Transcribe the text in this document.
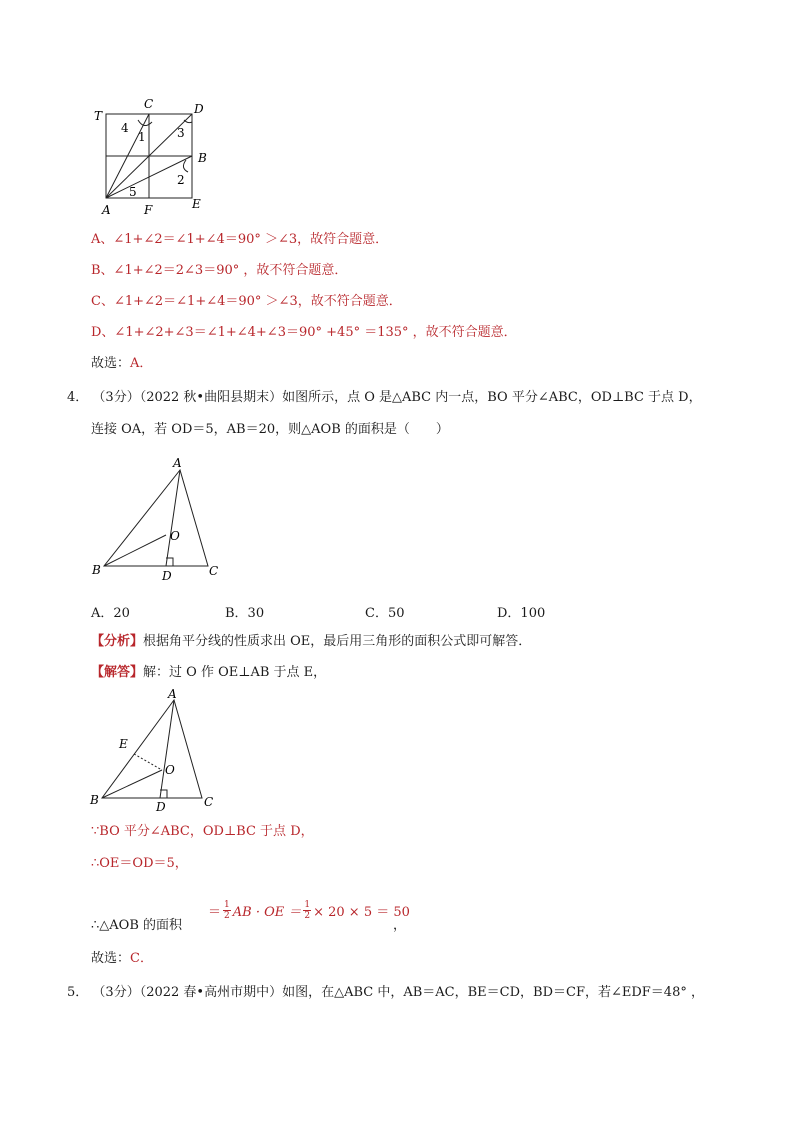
T
C	D
B
A	F	E
1
2
3
4
5
A、∠1+∠2＝∠1+∠4＝90° ＞∠3，故符合题意．
B、∠1+∠2＝2∠3＝90° ，故不符合题意．
C、∠1+∠2＝∠1+∠4＝90° ＞∠3，故不符合题意．
D、∠1+∠2+∠3＝∠1+∠4+∠3＝90° +45° ＝135° ，故不符合题意．
故选：A．
4． （3分）（2022 秋•曲阳县期末）如图所示，点 O 是△ABC 内一点，BO 平分∠ABC，OD⊥BC 于点 D，
连接 OA，若 OD＝5，AB＝20，则△AOB 的面积是（　　）
A
O
B	D	C
A．20	B．30	C．50	D．100
【分析】根据角平分线的性质求出 OE，最后用三角形的面积公式即可解答．
【解答】解：过 O 作 OE⊥AB 于点 E，
A
E
O
B	D	C
∵BO 平分∠ABC，OD⊥BC 于点 D，
∴OE＝OD＝5，
∴△AOB 的面积
＝ $\frac{1}{2}$ AB · OE ＝ $\frac{1}{2} \times 20 \times 5 = 50$
，
故选：C．
5． （3分）（2022 春•高州市期中）如图，在△ABC 中，AB＝AC，BE＝CD，BD＝CF，若∠EDF＝48° ，
